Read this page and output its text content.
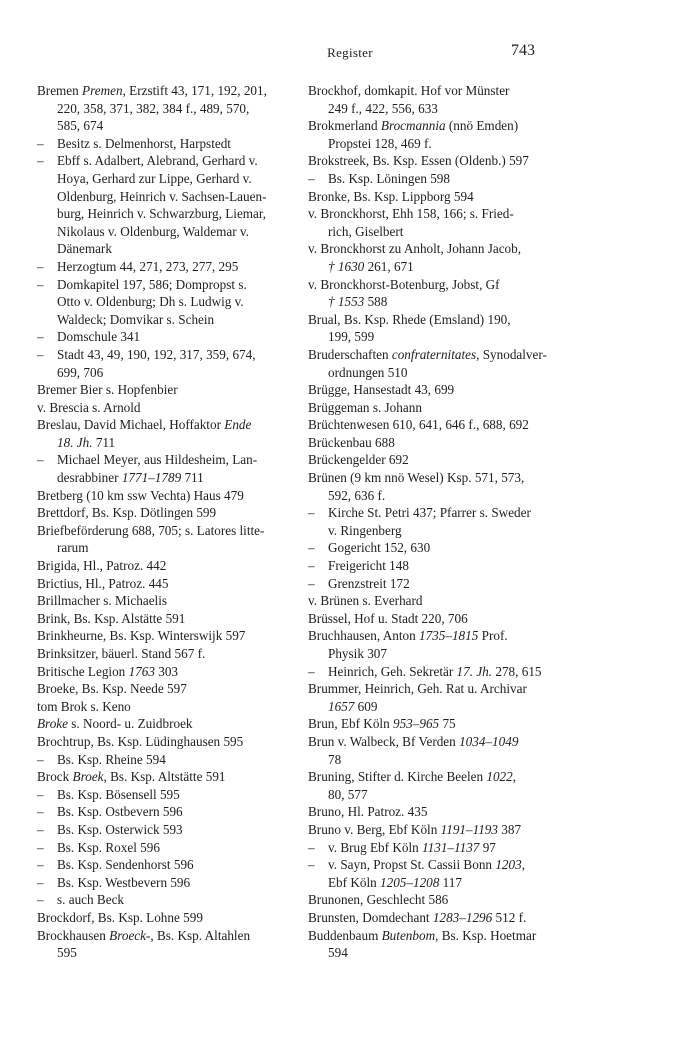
Register	743

Bremen Premen, Erzstift 43, 171, 192, 201,
220, 358, 371, 382, 384 f., 489, 570,
585, 674

– Besitz s. Delmenhorst, Harpstedt

– Ebff s. Adalbert, Alebrand, Gerhard v.
Hoya, Gerhard zur Lippe, Gerhard v.
Oldenburg, Heinrich v. Sachsen-Lauen-
burg, Heinrich v. Schwarzburg, Liemar,
Nikolaus v. Oldenburg, Waldemar v.
Dänemark

– Herzogtum 44, 271, 273, 277, 295

– Domkapitel 197, 586; Dompropst s.
Otto v. Oldenburg; Dh s. Ludwig v.
Waldeck; Domvikar s. Schein

– Domschule 341

– Stadt 43, 49, 190, 192, 317, 359, 674,
699, 706

Bremer Bier s. Hopfenbier

v. Brescia s. Arnold

Breslau, David Michael, Hoffaktor Ende
18. Jh. 711

– Michael Meyer, aus Hildesheim, Lan-
desrabbiner 1771–1789 711

Bretberg (10 km ssw Vechta) Haus 479

Brettdorf, Bs. Ksp. Dötlingen 599

Briefbeförderung 688, 705; s. Latores litte-
rarum

Brigida, Hl., Patroz. 442

Brictius, Hl., Patroz. 445

Brillmacher s. Michaelis

Brink, Bs. Ksp. Alstätte 591

Brinkheurne, Bs. Ksp. Winterswijk 597

Brinksitzer, bäuerl. Stand 567 f.

Britische Legion 1763 303

Broeke, Bs. Ksp. Neede 597

tom Brok s. Keno

Broke s. Noord- u. Zuidbroek

Brochtrup, Bs. Ksp. Lüdinghausen 595

– Bs. Ksp. Rheine 594

Brock Broek, Bs. Ksp. Altstätte 591

– Bs. Ksp. Bösensell 595

– Bs. Ksp. Ostbevern 596

– Bs. Ksp. Osterwick 593

– Bs. Ksp. Roxel 596

– Bs. Ksp. Sendenhorst 596

– Bs. Ksp. Westbevern 596

– s. auch Beck

Brockdorf, Bs. Ksp. Lohne 599

Brockhausen Broeck-, Bs. Ksp. Altahlen
595

Brockhof, domkapit. Hof vor Münster
249 f., 422, 556, 633

Brokmerland Brocmannia (nnö Emden)
Propstei 128, 469 f.

Brokstreek, Bs. Ksp. Essen (Oldenb.) 597

– Bs. Ksp. Löningen 598

Bronke, Bs. Ksp. Lippborg 594

v. Bronckhorst, Ehh 158, 166; s. Fried-
rich, Giselbert

v. Bronckhorst zu Anholt, Johann Jacob,
† 1630 261, 671

v. Bronckhorst-Botenburg, Jobst, Gf
† 1553 588

Brual, Bs. Ksp. Rhede (Emsland) 190,
199, 599

Bruderschaften confraternitates, Synodalver-
ordnungen 510

Brügge, Hansestadt 43, 699

Brüggeman s. Johann

Brüchtenwesen 610, 641, 646 f., 688, 692

Brückenbau 688

Brückengelder 692

Brünen (9 km nnö Wesel) Ksp. 571, 573,
592, 636 f.

– Kirche St. Petri 437; Pfarrer s. Sweder
v. Ringenberg

– Gogericht 152, 630

– Freigericht 148

– Grenzstreit 172

v. Brünen s. Everhard

Brüssel, Hof u. Stadt 220, 706

Bruchhausen, Anton 1735–1815 Prof.
Physik 307

– Heinrich, Geh. Sekretär 17. Jh. 278, 615

Brummer, Heinrich, Geh. Rat u. Archivar
1657 609

Brun, Ebf Köln 953–965 75

Brun v. Walbeck, Bf Verden 1034–1049
78

Bruning, Stifter d. Kirche Beelen 1022,
80, 577

Bruno, Hl. Patroz. 435

Bruno v. Berg, Ebf Köln 1191–1193 387

– v. Brug Ebf Köln 1131–1137 97

– v. Sayn, Propst St. Cassii Bonn 1203,
Ebf Köln 1205–1208 117

Brunonen, Geschlecht 586

Brunsten, Domdechant 1283–1296 512 f.

Buddenbaum Butenbom, Bs. Ksp. Hoetmar
594
